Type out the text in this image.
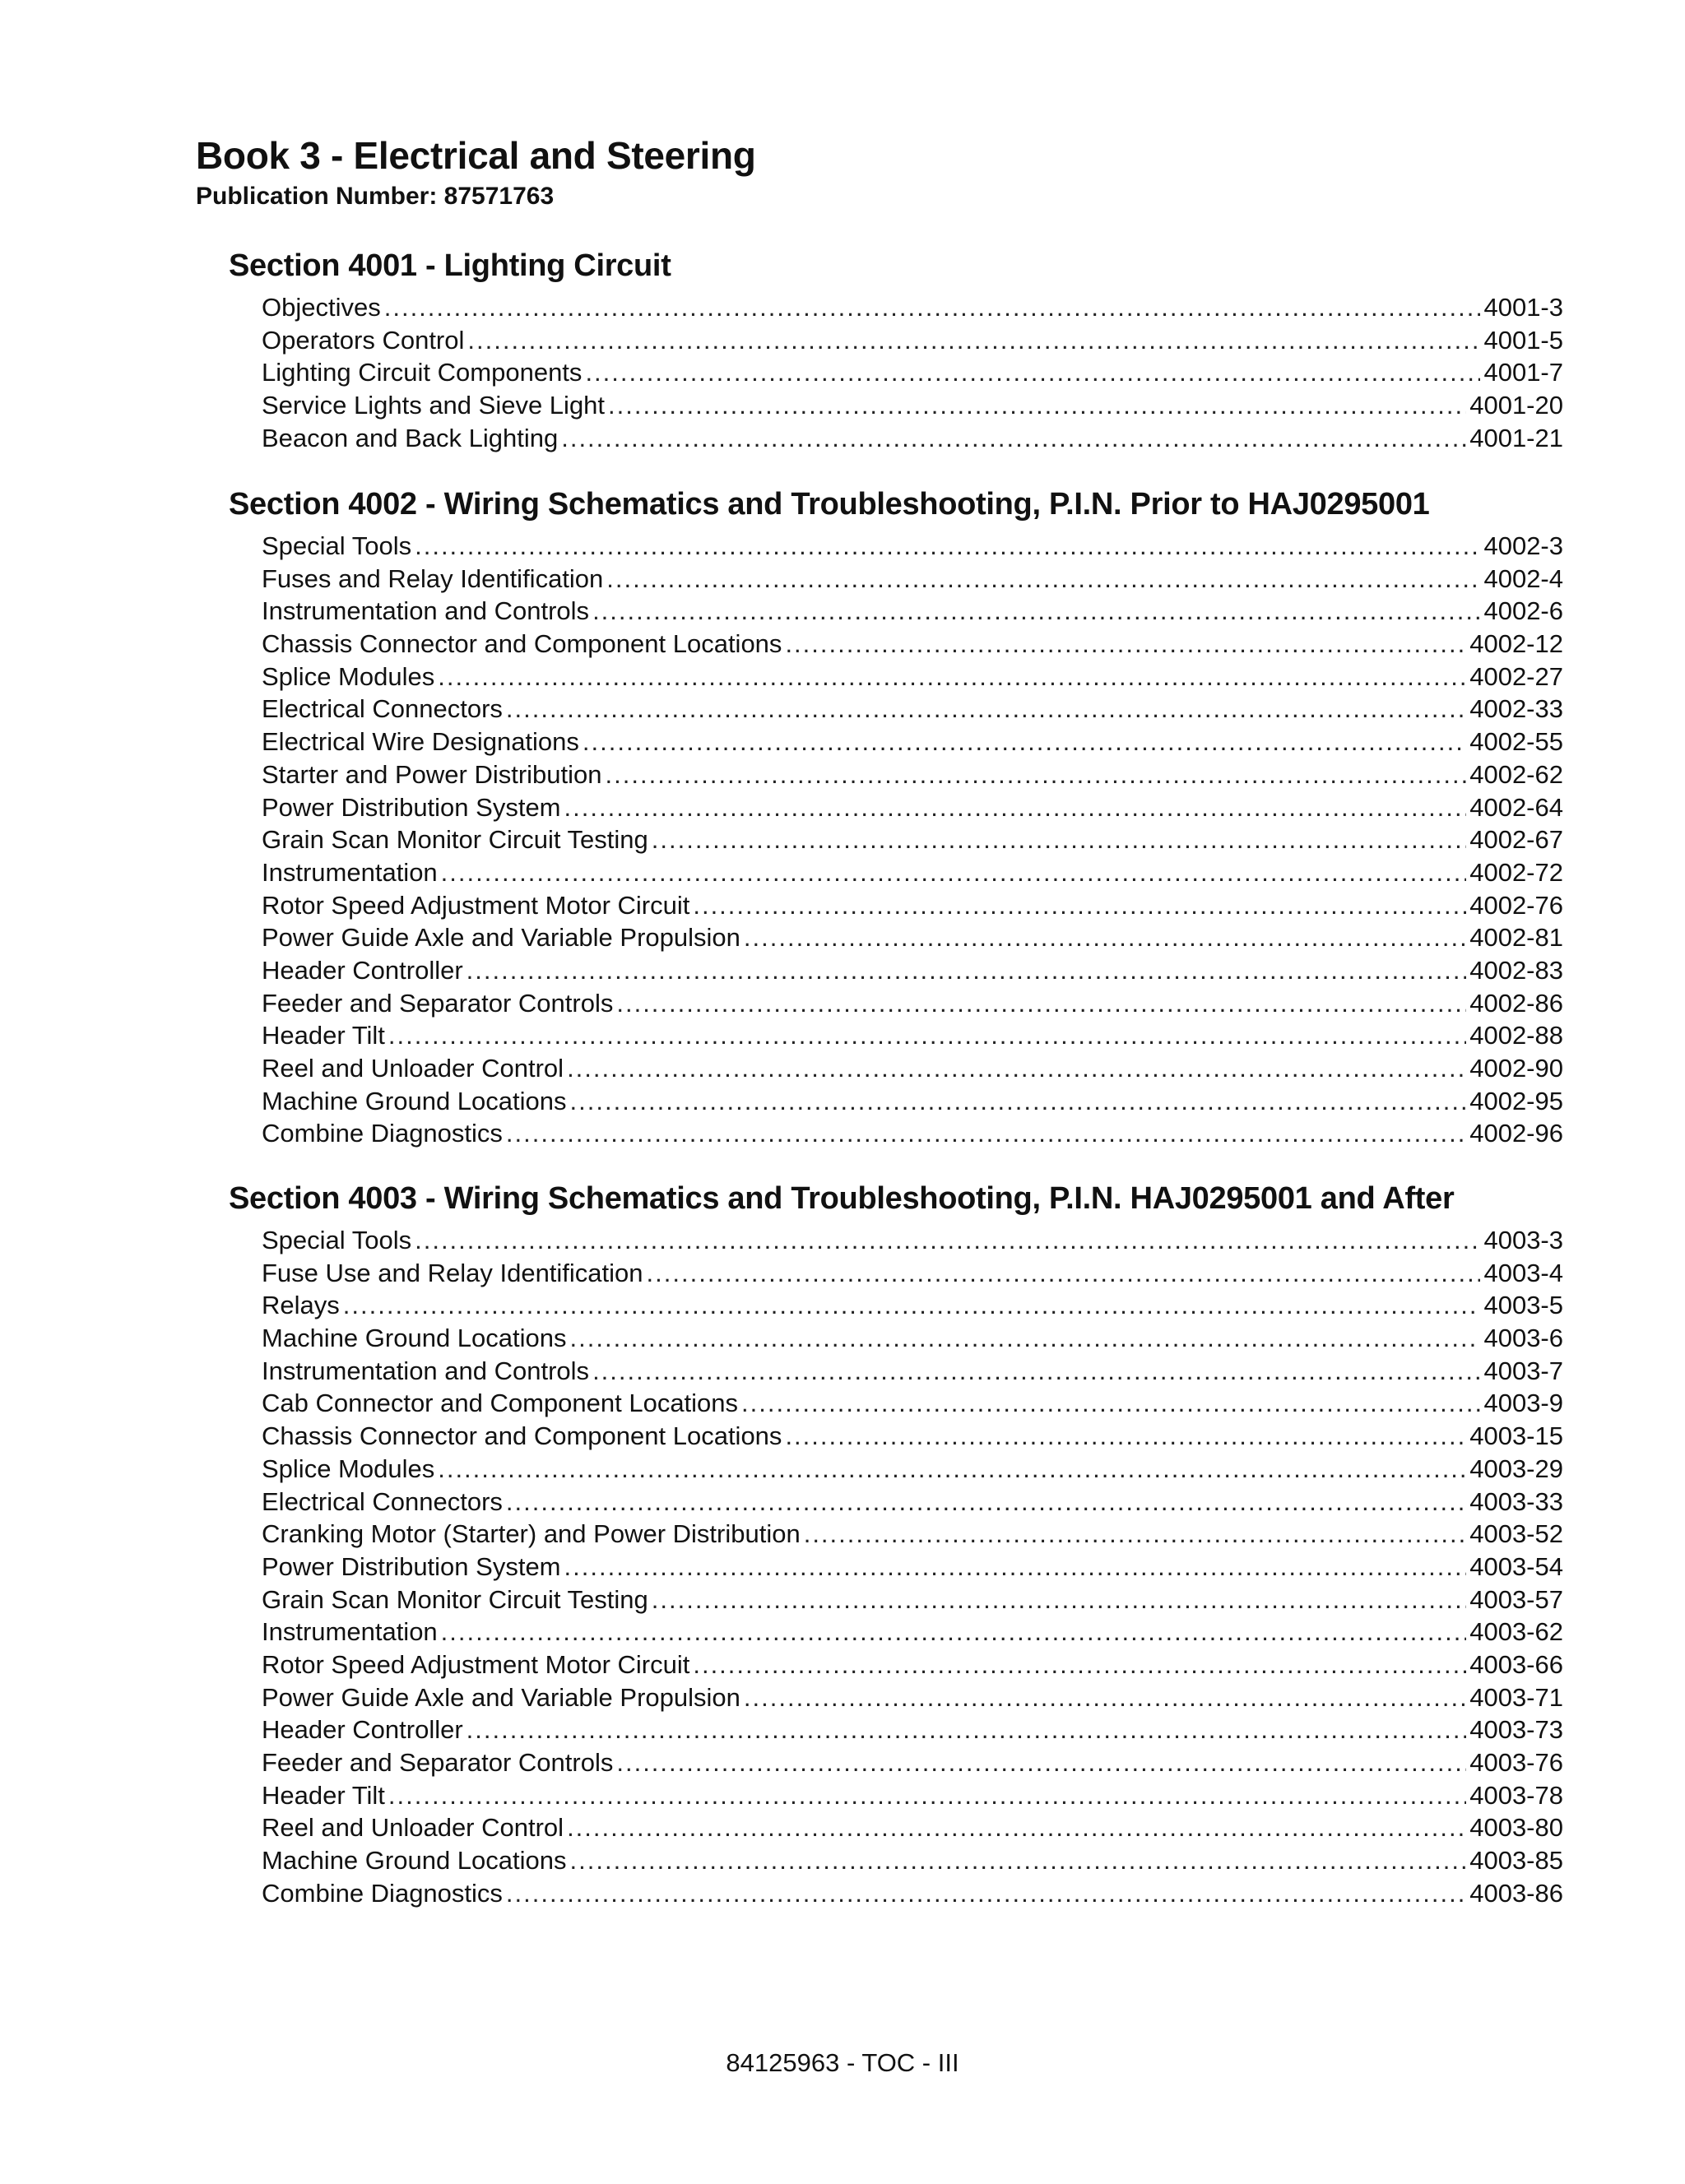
Book 3 - Electrical and Steering

Publication Number: 87571763

Section 4001 - Lighting Circuit
Objectives .....	4001-3
Operators Control .....	4001-5
Lighting Circuit Components .....	4001-7
Service Lights and Sieve Light .....	4001-20
Beacon and Back Lighting .....	4001-21
Section 4002 - Wiring Schematics and Troubleshooting, P.I.N. Prior to HAJ0295001
Special Tools .....	4002-3
Fuses and Relay Identification .....	4002-4
Instrumentation and Controls .....	4002-6
Chassis Connector and Component Locations .....	4002-12
Splice Modules .....	4002-27
Electrical Connectors .....	4002-33
Electrical Wire Designations .....	4002-55
Starter and Power Distribution .....	4002-62
Power Distribution System .....	4002-64
Grain Scan Monitor Circuit Testing .....	4002-67
Instrumentation .....	4002-72
Rotor Speed Adjustment Motor Circuit .....	4002-76
Power Guide Axle and Variable Propulsion .....	4002-81
Header Controller .....	4002-83
Feeder and Separator Controls .....	4002-86
Header Tilt .....	4002-88
Reel and Unloader Control .....	4002-90
Machine Ground Locations .....	4002-95
Combine Diagnostics .....	4002-96
Section 4003 - Wiring Schematics and Troubleshooting, P.I.N. HAJ0295001 and After
Special Tools .....	4003-3
Fuse Use and Relay Identification .....	4003-4
Relays .....	4003-5
Machine Ground Locations .....	4003-6
Instrumentation and Controls .....	4003-7
Cab Connector and Component Locations .....	4003-9
Chassis Connector and Component Locations .....	4003-15
Splice Modules .....	4003-29
Electrical Connectors .....	4003-33
Cranking Motor (Starter) and Power Distribution .....	4003-52
Power Distribution System .....	4003-54
Grain Scan Monitor Circuit Testing .....	4003-57
Instrumentation .....	4003-62
Rotor Speed Adjustment Motor Circuit .....	4003-66
Power Guide Axle and Variable Propulsion .....	4003-71
Header Controller .....	4003-73
Feeder and Separator Controls .....	4003-76
Header Tilt .....	4003-78
Reel and Unloader Control .....	4003-80
Machine Ground Locations .....	4003-85
Combine Diagnostics .....	4003-86

84125963 - TOC - III
